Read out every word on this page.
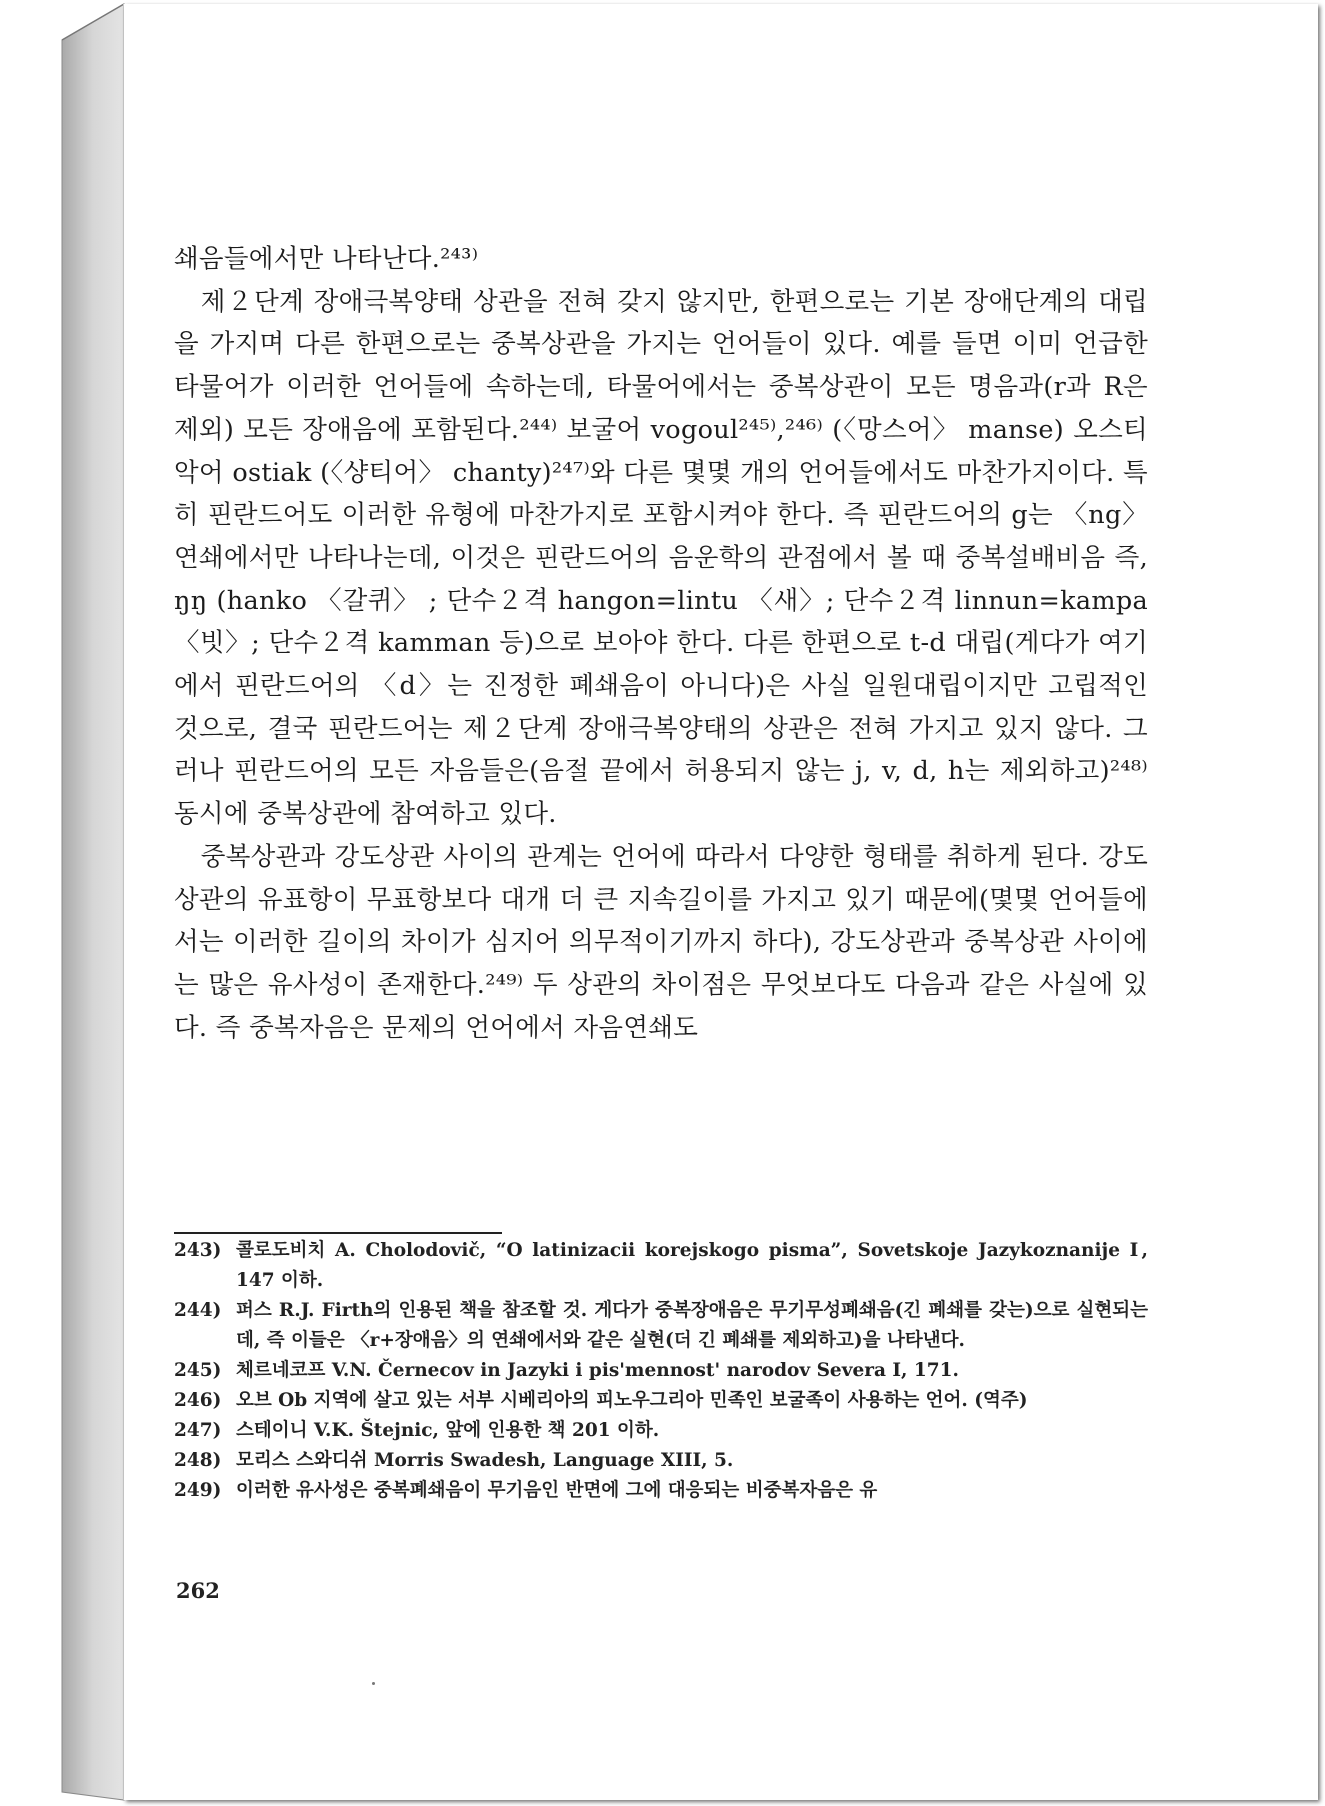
쇄음들에서만 나타난다.²⁴³⁾

제２단계 장애극복양태 상관을 전혀 갖지 않지만, 한편으로는 기본 장애단계의 대립을 가지며 다른 한편으로는 중복상관을 가지는 언어들이 있다. 예를 들면 이미 언급한 타물어가 이러한 언어들에 속하는데, 타물어에서는 중복상관이 모든 명음과(r과 R은 제외) 모든 장애음에 포함된다.²⁴⁴⁾ 보굴어 vogoul²⁴⁵⁾,²⁴⁶⁾ (〈망스어〉 manse) 오스티악어 ostiak (〈샹티어〉 chanty)²⁴⁷⁾와 다른 몇몇 개의 언어들에서도 마찬가지이다. 특히 핀란드어도 이러한 유형에 마찬가지로 포함시켜야 한다. 즉 핀란드어의 g는 〈ng〉 연쇄에서만 나타나는데, 이것은 핀란드어의 음운학의 관점에서 볼 때 중복설배비음 즉, ŋŋ (hanko 〈갈퀴〉 ; 단수２격 hangon=lintu 〈새〉; 단수２격 linnun=kampa 〈빗〉; 단수２격 kamman 등)으로 보아야 한다. 다른 한편으로 t-d 대립(게다가 여기에서 핀란드어의 〈d〉는 진정한 폐쇄음이 아니다)은 사실 일원대립이지만 고립적인 것으로, 결국 핀란드어는 제２단계 장애극복양태의 상관은 전혀 가지고 있지 않다. 그러나 핀란드어의 모든 자음들은(음절 끝에서 허용되지 않는 j, v, d, h는 제외하고)²⁴⁸⁾ 동시에 중복상관에 참여하고 있다.

중복상관과 강도상관 사이의 관계는 언어에 따라서 다양한 형태를 취하게 된다. 강도상관의 유표항이 무표항보다 대개 더 큰 지속길이를 가지고 있기 때문에(몇몇 언어들에서는 이러한 길이의 차이가 심지어 의무적이기까지 하다), 강도상관과 중복상관 사이에는 많은 유사성이 존재한다.²⁴⁹⁾ 두 상관의 차이점은 무엇보다도 다음과 같은 사실에 있다. 즉 중복자음은 문제의 언어에서 자음연쇄도

243) 콜로도비치 A. Cholodovič, “O latinizacii korejskogo pisma”, Sovetskoje Jazykoznanije Ⅰ, 147 이하.
244) 퍼스 R.J. Firth의 인용된 책을 참조할 것. 게다가 중복장애음은 무기무성폐쇄음(긴 폐쇄를 갖는)으로 실현되는데, 즉 이들은 〈r+장애음〉의 연쇄에서와 같은 실현(더 긴 폐쇄를 제외하고)을 나타낸다.
245) 체르네코프 V.N. Černecov in Jazyki i pis'mennost' narodov Severa Ⅰ, 171.
246) 오브 Ob 지역에 살고 있는 서부 시베리아의 피노우그리아 민족인 보굴족이 사용하는 언어. (역주)
247) 스테이니 V.K. Štejnic, 앞에 인용한 책 201 이하.
248) 모리스 스와디쉬 Morris Swadesh, Language XIII, 5.
249) 이러한 유사성은 중복폐쇄음이 무기음인 반면에 그에 대응되는 비중복자음은 유
262
